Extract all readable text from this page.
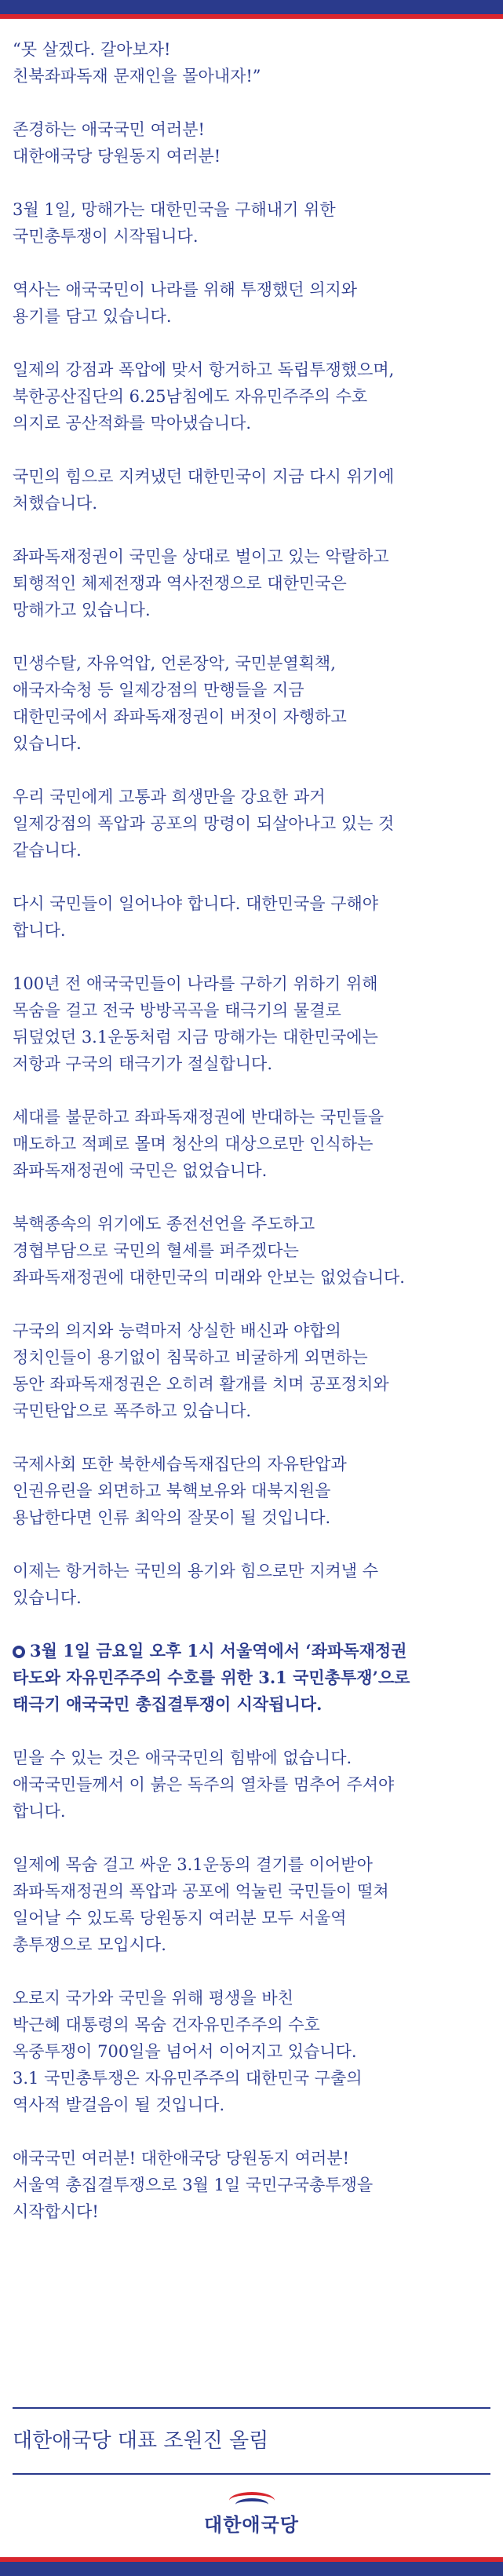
“못 살겠다. 갈아보자!
친북좌파독재 문재인을 몰아내자!”

존경하는 애국국민 여러분!
대한애국당 당원동지 여러분!

3월 1일, 망해가는 대한민국을 구해내기 위한
국민총투쟁이 시작됩니다.

역사는 애국국민이 나라를 위해 투쟁했던 의지와
용기를 담고 있습니다.

일제의 강점과 폭압에 맞서 항거하고 독립투쟁했으며,
북한공산집단의 6.25남침에도 자유민주주의 수호
의지로 공산적화를 막아냈습니다.

국민의 힘으로 지켜냈던 대한민국이 지금 다시 위기에
처했습니다.

좌파독재정권이 국민을 상대로 벌이고 있는 악랄하고
퇴행적인 체제전쟁과 역사전쟁으로 대한민국은
망해가고 있습니다.

민생수탈, 자유억압, 언론장악, 국민분열획책,
애국자숙청 등 일제강점의 만행들을 지금
대한민국에서 좌파독재정권이 버젓이 자행하고
있습니다.

우리 국민에게 고통과 희생만을 강요한 과거
일제강점의 폭압과 공포의 망령이 되살아나고 있는 것
같습니다.

다시 국민들이 일어나야 합니다. 대한민국을 구해야
합니다.

100년 전 애국국민들이 나라를 구하기 위하기 위해
목숨을 걸고 전국 방방곡곡을 태극기의 물결로
뒤덮었던 3.1운동처럼 지금 망해가는 대한민국에는
저항과 구국의 태극기가 절실합니다.

세대를 불문하고 좌파독재정권에 반대하는 국민들을
매도하고 적폐로 몰며 청산의 대상으로만 인식하는
좌파독재정권에 국민은 없었습니다.

북핵종속의 위기에도 종전선언을 주도하고
경협부담으로 국민의 혈세를 퍼주겠다는
좌파독재정권에 대한민국의 미래와 안보는 없었습니다.

구국의 의지와 능력마저 상실한 배신과 야합의
정치인들이 용기없이 침묵하고 비굴하게 외면하는
동안 좌파독재정권은 오히려 활개를 치며 공포정치와
국민탄압으로 폭주하고 있습니다.

국제사회 또한 북한세습독재집단의 자유탄압과
인권유린을 외면하고 북핵보유와 대북지원을
용납한다면 인류 최악의 잘못이 될 것입니다.

이제는 항거하는 국민의 용기와 힘으로만 지켜낼 수
있습니다.

3월 1일 금요일 오후 1시 서울역에서 ‘좌파독재정권
타도와 자유민주주의 수호를 위한 3.1 국민총투쟁’으로
태극기 애국국민 총집결투쟁이 시작됩니다.

믿을 수 있는 것은 애국국민의 힘밖에 없습니다.
애국국민들께서 이 붉은 독주의 열차를 멈추어 주셔야
합니다.

일제에 목숨 걸고 싸운 3.1운동의 결기를 이어받아
좌파독재정권의 폭압과 공포에 억눌린 국민들이 떨쳐
일어날 수 있도록 당원동지 여러분 모두 서울역
총투쟁으로 모입시다.

오로지 국가와 국민을 위해 평생을 바친
박근혜 대통령의 목숨 건자유민주주의 수호
옥중투쟁이 700일을 넘어서 이어지고 있습니다.
3.1 국민총투쟁은 자유민주주의 대한민국 구출의
역사적 발걸음이 될 것입니다.

애국국민 여러분! 대한애국당 당원동지 여러분!
서울역 총집결투쟁으로 3월 1일 국민구국총투쟁을
시작합시다!

대한애국당 대표 조원진 올림
대한애국당
